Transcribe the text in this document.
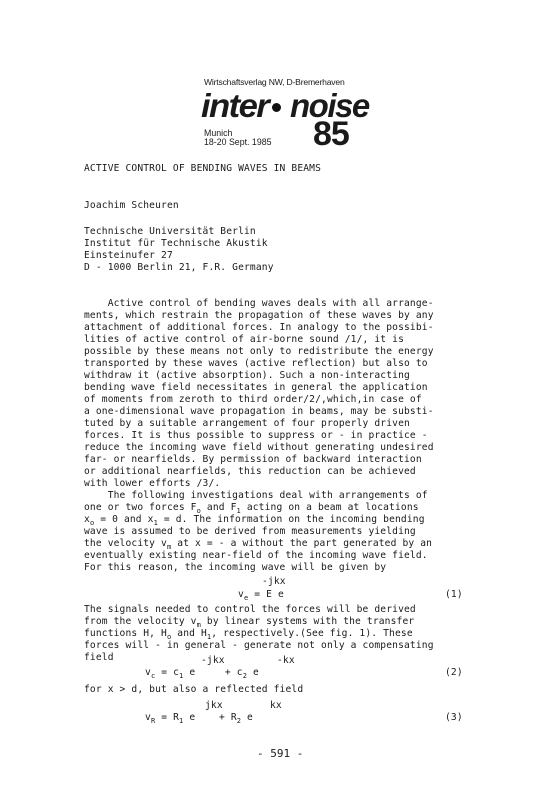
Wirtschaftsverlag NW, D-Bremerhaven
inter noise
Munich
18-20 Sept. 1985 85
ACTIVE CONTROL OF BENDING WAVES IN BEAMS
Joachim Scheuren
Technische Universität Berlin
Institut für Technische Akustik
Einsteinufer 27
D - 1000 Berlin 21, F.R. Germany
Active control of bending waves deals with all arrange-
ments, which restrain the propagation of these waves by any
attachment of additional forces. In analogy to the possibi-
lities of active control of air-borne sound /1/, it is
possible by these means not only to redistribute the energy
transported by these waves (active reflection) but also to
withdraw it (active absorption). Such a non-interacting
bending wave field necessitates in general the application
of moments from zeroth to third order/2/,which,in case of
a one-dimensional wave propagation in beams, may be substi-
tuted by a suitable arrangement of four properly driven
forces. It is thus possible to suppress or - in practice -
reduce the incoming wave field without generating undesired
far- or nearfields. By permission of backward interaction
or additional nearfields, this reduction can be achieved
with lower efforts /3/.
The following investigations deal with arrangements of
one or two forces $F_o$ and $F_1$ acting on a beam at locations
$x_o = 0$ and $x_1 = d$. The information on the incoming bending
wave is assumed to be derived from measurements yielding
the velocity $v_m$ at x = - a without the part generated by an
eventually existing near-field of the incoming wave field.
For this reason, the incoming wave will be given by
-jkx
$v_e = E$ e	(1)
The signals needed to control the forces will be derived
from the velocity $v_m$ by linear systems with the transfer
functions H, $H_o$ and $H_1$, respectively.(See fig. 1). These
forces will - in general - generate not only a compensating
field	-jkx	-kx
$v_c = c_1$ e     + $c_2$ e	(2)
for x > d, but also a reflected field
jkx	kx
$v_R = R_1$ e    + $R_2$ e	(3)
- 591 -
